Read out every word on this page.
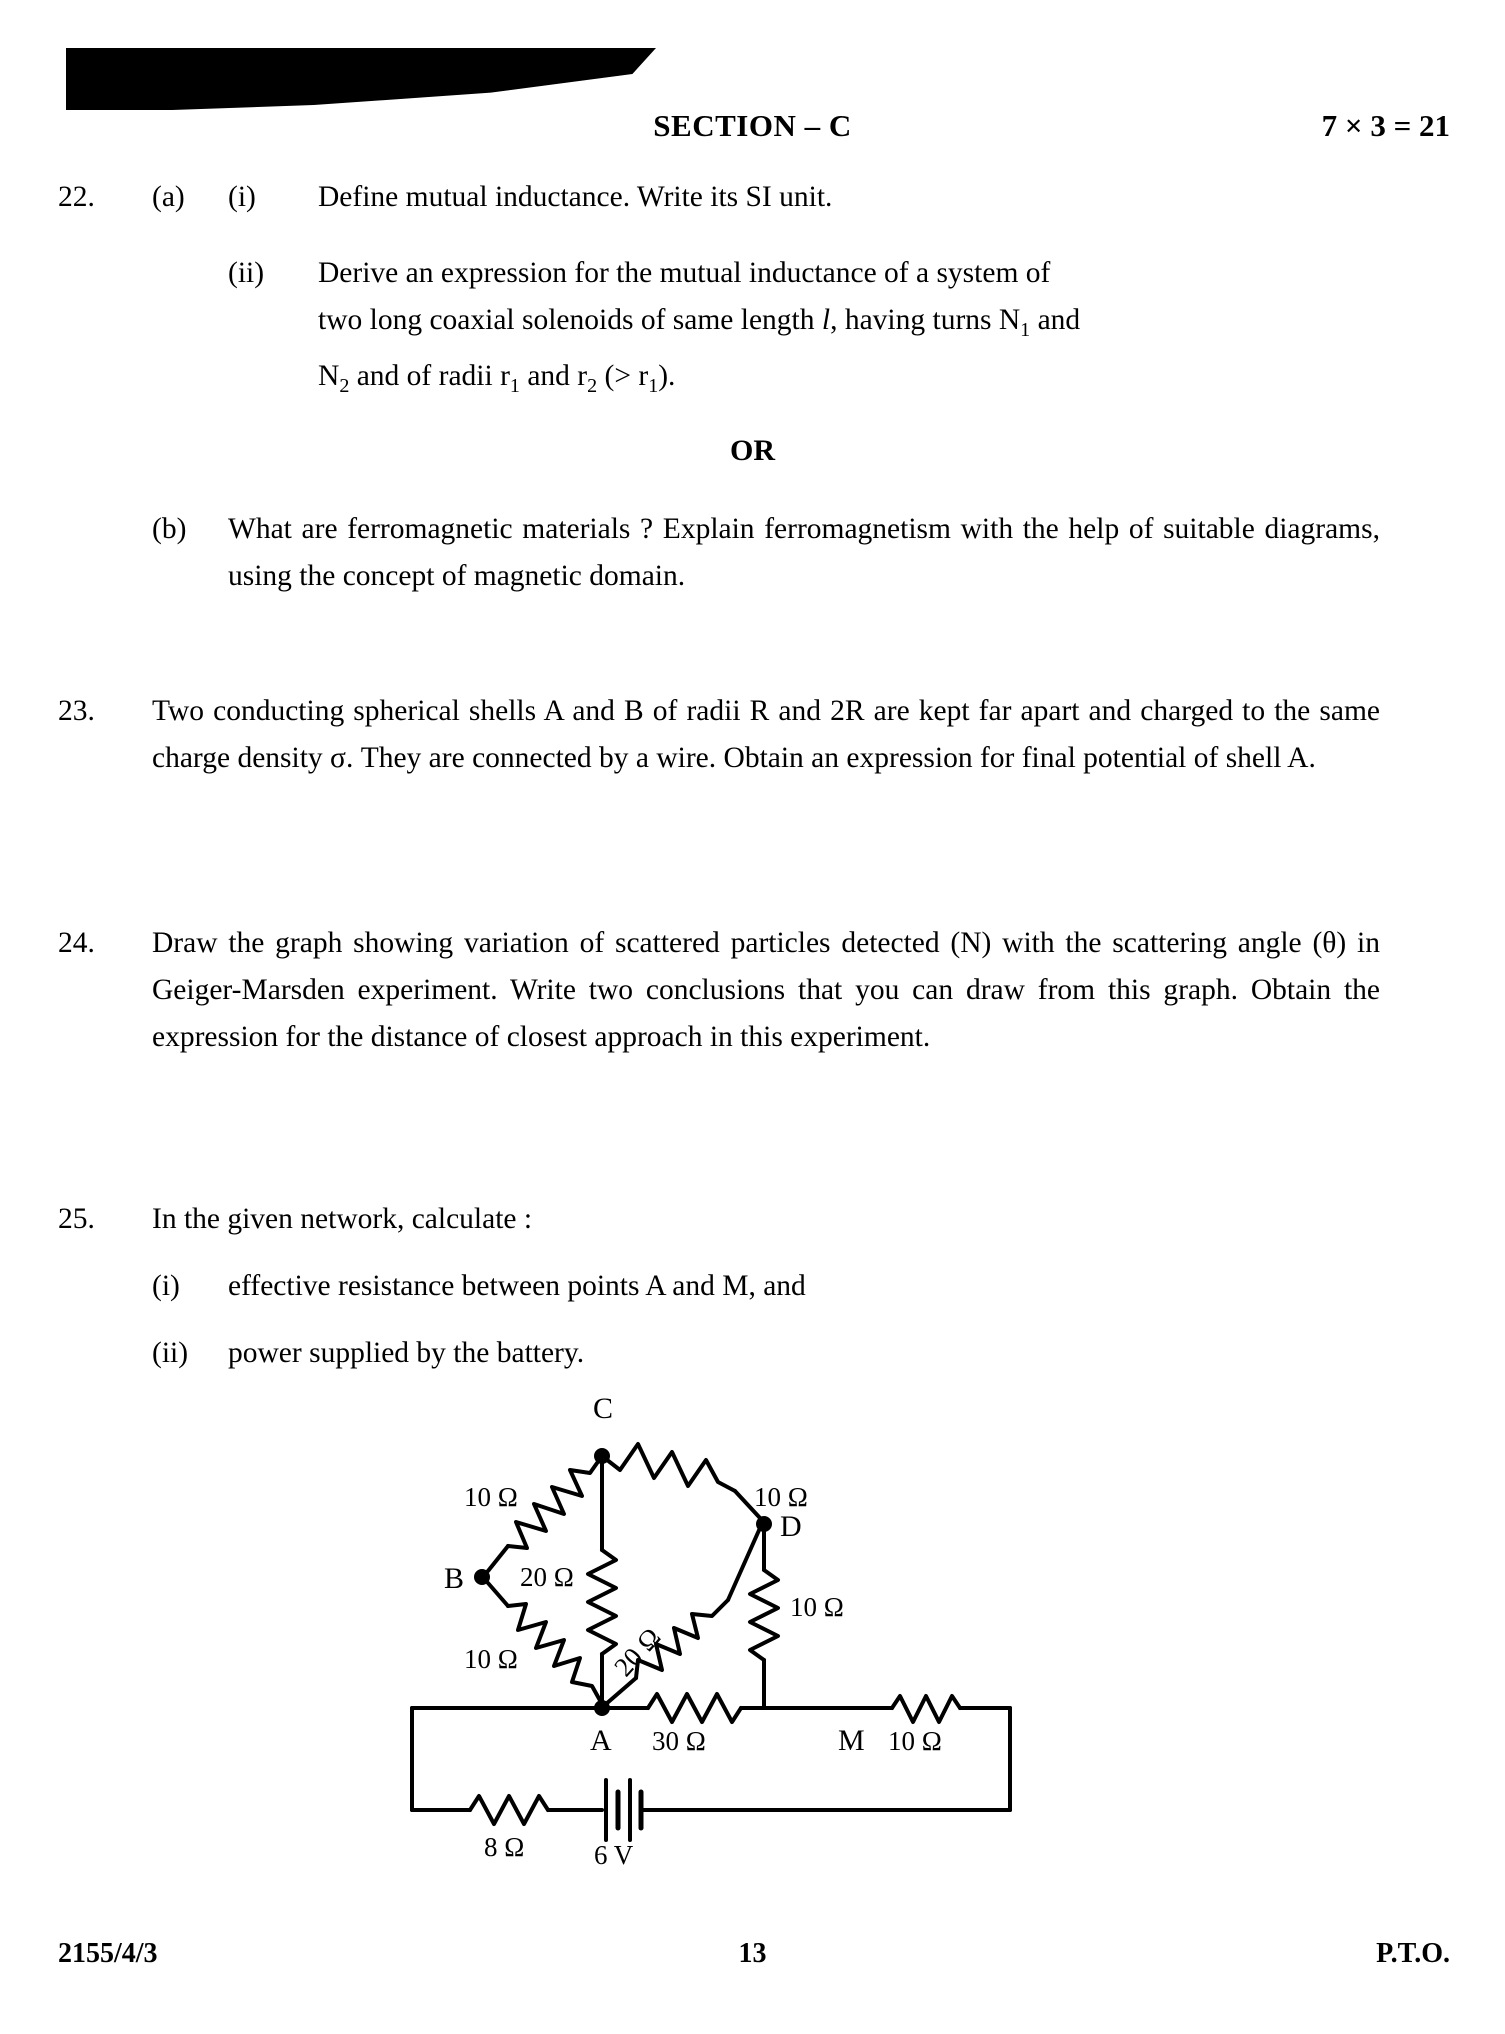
SECTION – C	7 × 3 = 21
22. (a) (i) Define mutual inductance. Write its SI unit.
(ii) Derive an expression for the mutual inductance of a system of
two long coaxial solenoids of same length l, having turns $N_1$ and
$N_2$ and of radii $r_1$ and $r_2$ (> $r_1$).
OR
(b) What are ferromagnetic materials ? Explain ferromagnetism with the help of suitable diagrams, using the concept of magnetic domain.
23. Two conducting spherical shells A and B of radii R and 2R are kept far apart and charged to the same charge density σ. They are connected by a wire. Obtain an expression for final potential of shell A.
24. Draw the graph showing variation of scattered particles detected (N) with the scattering angle (θ) in Geiger-Marsden experiment. Write two conclusions that you can draw from this graph. Obtain the expression for the distance of closest approach in this experiment.
25. In the given network, calculate :
(i) effective resistance between points A and M, and
(ii) power supplied by the battery.
C
B
D
A	M
10 Ω	10 Ω
10 Ω
20 Ω
20 Ω
10 Ω
30 Ω	10 Ω
8 Ω	6 V
2155/4/3	13	P.T.O.
